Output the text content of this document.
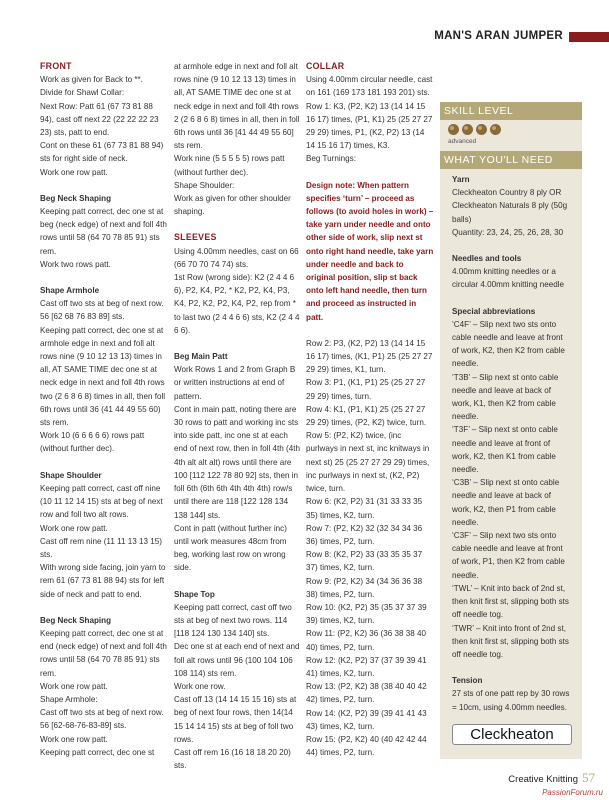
MAN'S ARAN JUMPER

FRONT

Work as given for Back to **.
Divide for Shawl Collar:
Next Row: Patt 61 (67 73 81 88 94), cast off next 22 (22 22 22 23 23) sts, patt to end.
Cont on these 61 (67 73 81 88 94) sts for right side of neck.
Work one row patt.

Beg Neck Shaping

Keeping patt correct, dec one st at beg (neck edge) of next and foll 4th rows until 58 (64 70 78 85 91) sts rem.
Work two rows patt.

Shape Armhole

Cast off two sts at beg of next row. 56 [62 68 76 83 89] sts.
Keeping patt correct, dec one st at armhole edge in next and foll alt rows nine (9 10 12 13 13) times in all, AT SAME TIME dec one st at neck edge in next and foll 4th rows two (2 6 8 6 8) times in all, then foll 6th rows until 36 (41 44 49 55 60) sts rem.
Work 10 (6 6 6 6 6) rows patt (without further dec).

Shape Shoulder

Keeping patt correct, cast off nine (10 11 12 14 15) sts at beg of next row and foll two alt rows.
Work one row patt.
Cast off rem nine (11 11 13 13 15) sts.
With wrong side facing, join yarn to rem 61 (67 73 81 88 94) sts for left side of neck and patt to end.

Beg Neck Shaping

Keeping patt correct, dec one st at end (neck edge) of next and foll 4th rows until 58 (64 70 78 85 91) sts rem.
Work one row patt.
Shape Armhole:
Cast off two sts at beg of next row. 56 [62-68-76-83-89] sts.
Work one row patt.
Keeping patt correct, dec one st

at armhole edge in next and foll alt rows nine (9 10 12 13 13) times in all, AT SAME TIME dec one st at neck edge in next and foll 4th rows 2 (2 6 8 6 8) times in all, then in foll 6th rows until 36 [41 44 49 55 60] sts rem.
Work nine (5 5 5 5 5) rows patt (without further dec).
Shape Shoulder:
Work as given for other shoulder shaping.

SLEEVES

Using 4.00mm needles, cast on 66 (66 70 70 74 74) sts.
1st Row (wrong side): K2 (2 4 4 6 6), P2, K4, P2, * K2, P2, K4, P3, K4, P2, K2, P2, K4, P2, rep from * to last two (2 4 4 6 6) sts, K2 (2 4 4 6 6).

Beg Main Patt

Work Rows 1 and 2 from Graph B or written instructions at end of pattern.
Cont in main patt, noting there are 30 rows to patt and working inc sts into side patt, inc one st at each end of next row, then in foll 4th (4th 4th alt alt alt) rows until there are 100 [112 122 78 80 92] sts, then in foll 6th (6th 6th 4th 4th 4th) row/s until there are 118 [122 128 134 138 144] sts.
Cont in patt (without further inc) until work measures 48cm from beg, working last row on wrong side.

Shape Top

Keeping patt correct, cast off two sts at beg of next two rows. 114 [118 124 130 134 140] sts.
Dec one st at each end of next and foll alt rows until 96 (100 104 106 108 114) sts rem.
Work one row.
Cast off 13 (14 14 15 15 16) sts at beg of next four rows, then 14(14 15 14 14 15) sts at beg of foll two rows.
Cast off rem 16 (16 18 18 20 20) sts.

COLLAR

Using 4.00mm circular needle, cast on 161 (169 173 181 193 201) sts.
Row 1: K3, (P2, K2) 13 (14 14 15 16 17) times, (P1, K1) 25 (25 27 27 29 29) times, P1, (K2, P2) 13 (14 14 15 16 17) times, K3.
Beg Turnings:

Design note: When pattern specifies ‘turn’ – proceed as follows (to avoid holes in work) – take yarn under needle and onto other side of work, slip next st onto right hand needle, take yarn under needle and back to original position, slip st back onto left hand needle, then turn and proceed as instructed in patt.

Row 2: P3, (K2, P2) 13 (14 14 15 16 17) times, (K1, P1) 25 (25 27 27 29 29) times, K1, turn.
Row 3: P1, (K1, P1) 25 (25 27 27 29 29) times, turn.
Row 4: K1, (P1, K1) 25 (25 27 27 29 29) times, (P2, K2) twice, turn.
Row 5: (P2, K2) twice, (inc purlways in next st, inc knitways in next st) 25 (25 27 27 29 29) times, inc purlways in next st, (K2, P2) twice, turn.
Row 6: (K2, P2) 31 (31 33 33 35 35) times, K2, turn.
Row 7: (P2, K2) 32 (32 34 34 36 36) times, P2, turn.
Row 8: (K2, P2) 33 (33 35 35 37 37) times, K2, turn.
Row 9: (P2, K2) 34 (34 36 36 38 38) times, P2, turn.
Row 10: (K2, P2) 35 (35 37 37 39 39) times, K2, turn.
Row 11: (P2, K2) 36 (36 38 38 40 40) times, P2, turn.
Row 12: (K2, P2) 37 (37 39 39 41 41) times, K2, turn.
Row 13: (P2, K2) 38 (38 40 40 42 42) times, P2, turn.
Row 14: (K2, P2) 39 (39 41 41 43 43) times, K2, turn.
Row 15: (P2, K2) 40 (40 42 42 44 44) times, P2, turn.

SKILL LEVEL

advanced

WHAT YOU'LL NEED

Yarn

Cleckheaton Country 8 ply OR Cleckheaton Naturals 8 ply (50g balls)
Quantity: 23, 24, 25, 26, 28, 30

Needles and tools

4.00mm knitting needles or a circular 4.00mm knitting needle

Special abbreviations

‘C4F’ – Slip next two sts onto cable needle and leave at front of work, K2, then K2 from cable needle.
‘T3B’ – Slip next st onto cable needle and leave at back of work, K1, then K2 from cable needle.
‘T3F’ – Slip next st onto cable needle and leave at front of work, K2, then K1 from cable needle.
‘C3B’ – Slip next st onto cable needle and leave at back of work, K2, then P1 from cable needle.
‘C3F’ – Slip next two sts onto cable needle and leave at front of work, P1, then K2 from cable needle.
‘TWL’ – Knit into back of 2nd st, then knit first st, slipping both sts off needle tog.
‘TWR’ – Knit into front of 2nd st, then knit first st, slipping both sts off needle tog.

Tension

27 sts of one patt rep by 30 rows = 10cm, using 4.00mm needles.

Cleckheaton
Creative Knitting 57
PassionForum.ru
